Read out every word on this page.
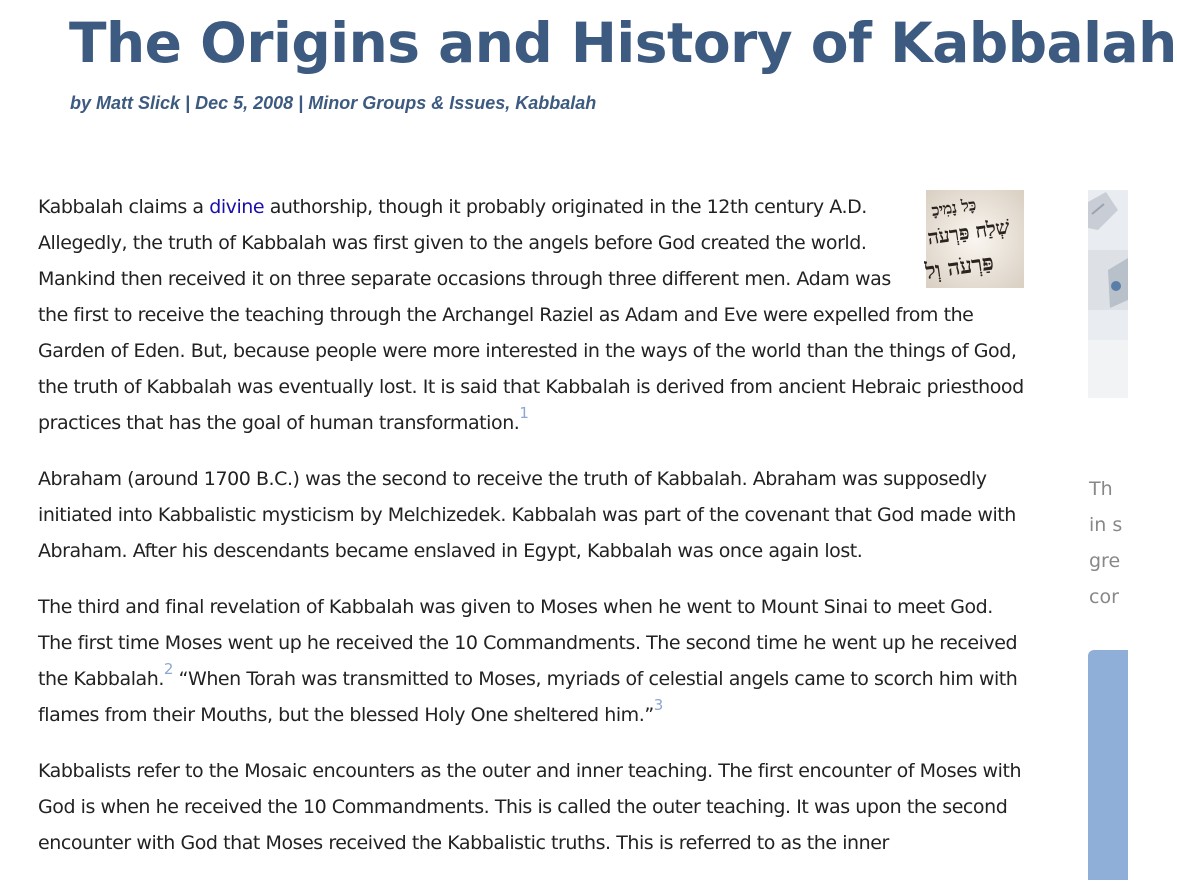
The Origins and History of Kabbalah
by Matt Slick | Dec 5, 2008 | Minor Groups & Issues, Kabbalah
כָּל נָמִיכָ
שְׁלַח פַּרְעֹה
פַּרְעֹה וְל

Kabbalah claims a divine authorship, though it probably originated in the 12th century A.D. Allegedly, the truth of Kabbalah was first given to the angels before God created the world. Mankind then received it on three separate occasions through three different men. Adam was the first to receive the teaching through the Archangel Raziel as Adam and Eve were expelled from the Garden of Eden. But, because people were more interested in the ways of the world than the things of God, the truth of Kabbalah was eventually lost. It is said that Kabbalah is derived from ancient Hebraic priesthood practices that has the goal of human transformation.$^1$

Abraham (around 1700 B.C.) was the second to receive the truth of Kabbalah. Abraham was supposedly initiated into Kabbalistic mysticism by Melchizedek. Kabbalah was part of the covenant that God made with Abraham. After his descendants became enslaved in Egypt, Kabbalah was once again lost.

The third and final revelation of Kabbalah was given to Moses when he went to Mount Sinai to meet God. The first time Moses went up he received the 10 Commandments. The second time he went up he received the Kabbalah.$^2$ “When Torah was transmitted to Moses, myriads of celestial angels came to scorch him with flames from their Mouths, but the blessed Holy One sheltered him.”$^3$

Kabbalists refer to the Mosaic encounters as the outer and inner teaching. The first encounter of Moses with God is when he received the 10 Commandments. This is called the outer teaching. It was upon the second encounter with God that Moses received the Kabbalistic truths. This is referred to as the inner

Th
in s
gre
cor
